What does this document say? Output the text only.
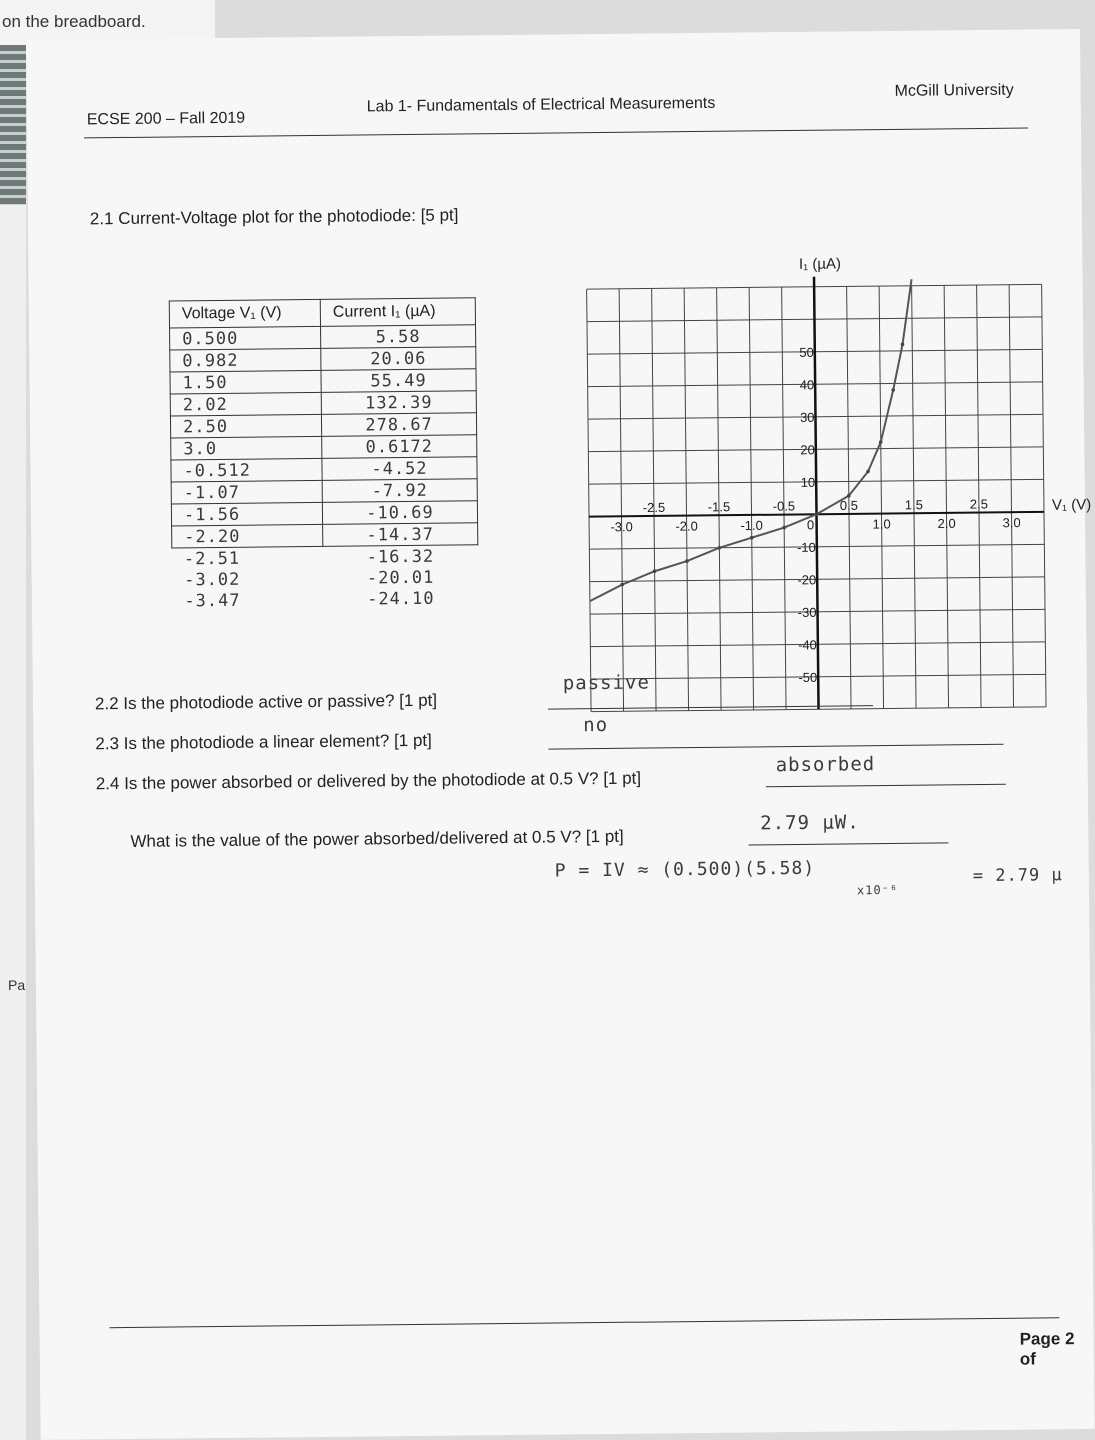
on the breadboard.
Pa
ECSE 200 – Fall 2019
Lab 1- Fundamentals of Electrical Measurements
McGill University
2.1 Current-Voltage plot for the photodiode: [5 pt]
Voltage V₁ (V)	Current I₁ (µA)
0.500	5.58
0.982	20.06
1.50	55.49
2.02	132.39
2.50	278.67
3.0	0.6172
-0.512	-4.52
-1.07	-7.92
-1.56	-10.69
-2.20	-14.37
-2.51	-16.32
-3.02	-20.01
-3.47	-24.10
-2.5	-1.5	-0.5	0.5	1.5	2.5
-3.0	-2.0	-1.0	0	1.0	2.0	3.0
50
40
30
20
10
-10
-20
-30
-40
-50
I₁ (µA)
V₁ (V)
2.2 Is the photodiode active or passive? [1 pt]
passive
2.3 Is the photodiode a linear element? [1 pt]
no
2.4 Is the power absorbed or delivered by the photodiode at 0.5 V? [1 pt]
absorbed
What is the value of the power absorbed/delivered at 0.5 V? [1 pt]
2.79 µW.
P = IV ≈ (0.500)(5.58)
x10⁻⁶
= 2.79 µ
Page 2 of
